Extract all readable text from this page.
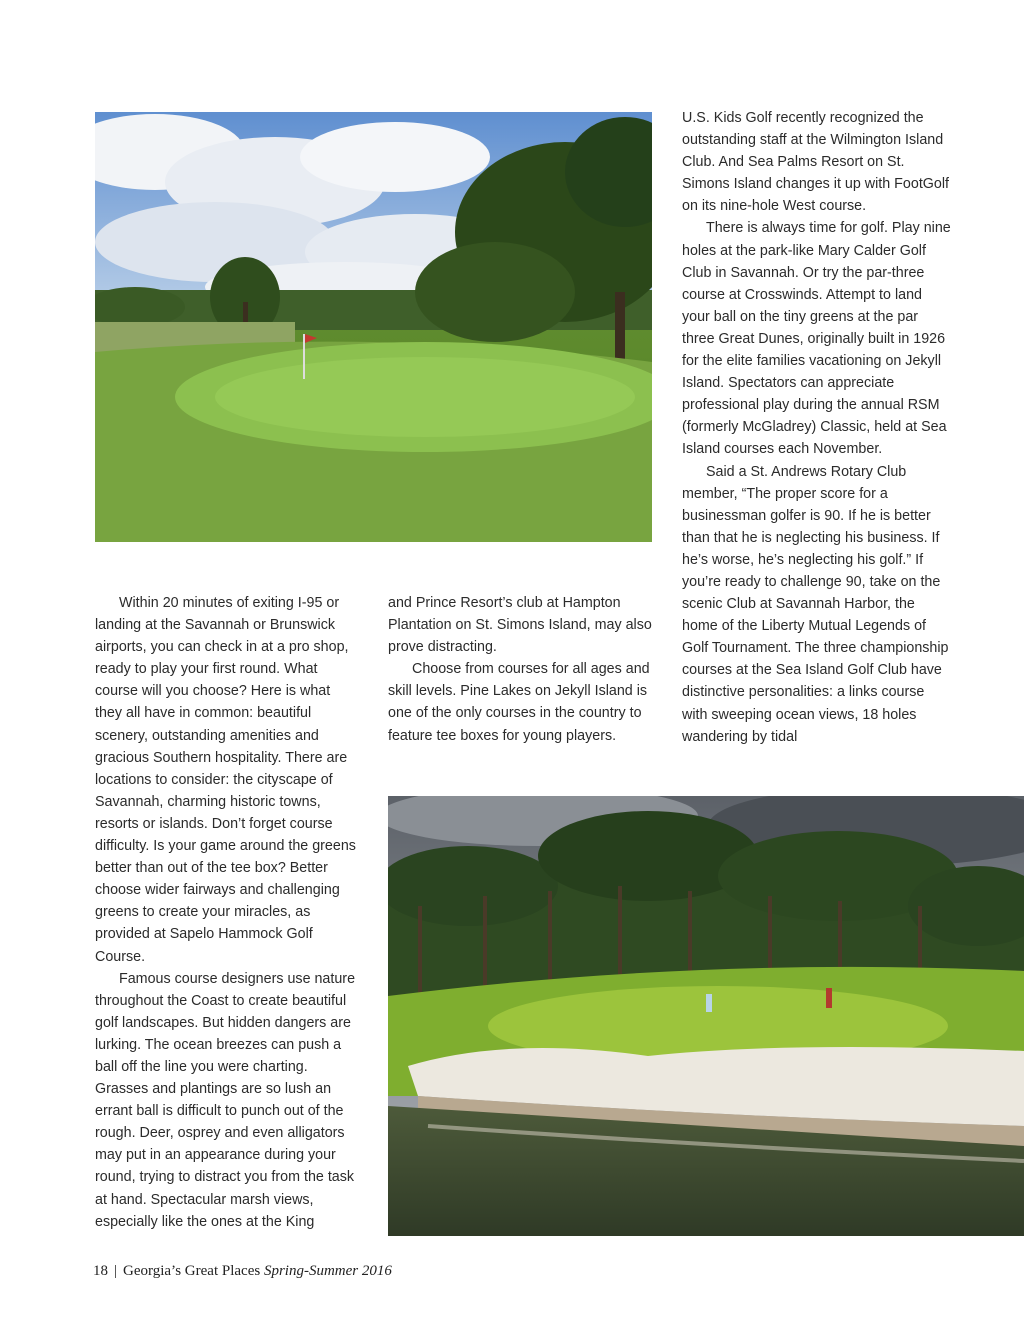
Within 20 minutes of exiting I-95 or landing at the Savannah or Brunswick airports, you can check in at a pro shop, ready to play your first round. What course will you choose? Here is what they all have in common: beautiful scenery, outstanding amenities and gracious Southern hospitality. There are locations to consider: the cityscape of Savannah, charming historic towns, resorts or islands. Don’t forget course difficulty. Is your game around the greens better than out of the tee box? Better choose wider fairways and challenging greens to create your miracles, as provided at Sapelo Hammock Golf Course.

Famous course designers use nature throughout the Coast to create beautiful golf landscapes. But hidden dangers are lurking. The ocean breezes can push a ball off the line you were charting. Grasses and plantings are so lush an errant ball is difficult to punch out of the rough. Deer, osprey and even alligators may put in an appearance during your round, trying to distract you from the task at hand. Spectacular marsh views, especially like the ones at the King

and Prince Resort’s club at Hampton Plantation on St. Simons Island, may also prove distracting.

Choose from courses for all ages and skill levels. Pine Lakes on Jekyll Island is one of the only courses in the country to feature tee boxes for young players.

U.S. Kids Golf recently recognized the outstanding staff at the Wilmington Island Club. And Sea Palms Resort on St. Simons Island changes it up with FootGolf on its nine-hole West course.

There is always time for golf. Play nine holes at the park-like Mary Calder Golf Club in Savannah. Or try the par-three course at Crosswinds. Attempt to land your ball on the tiny greens at the par three Great Dunes, originally built in 1926 for the elite families vacationing on Jekyll Island. Spectators can appreciate professional play during the annual RSM (formerly McGladrey) Classic, held at Sea Island courses each November.

Said a St. Andrews Rotary Club member, “The proper score for a businessman golfer is 90. If he is better than that he is neglecting his business. If he’s worse, he’s neglecting his golf.” If you’re ready to challenge 90, take on the scenic Club at Savannah Harbor, the home of the Liberty Mutual Legends of Golf Tournament. The three championship courses at the Sea Island Golf Club have distinctive personalities: a links course with sweeping ocean views, 18 holes wandering by tidal

18 | Georgia’s Great Places Spring-Summer 2016
